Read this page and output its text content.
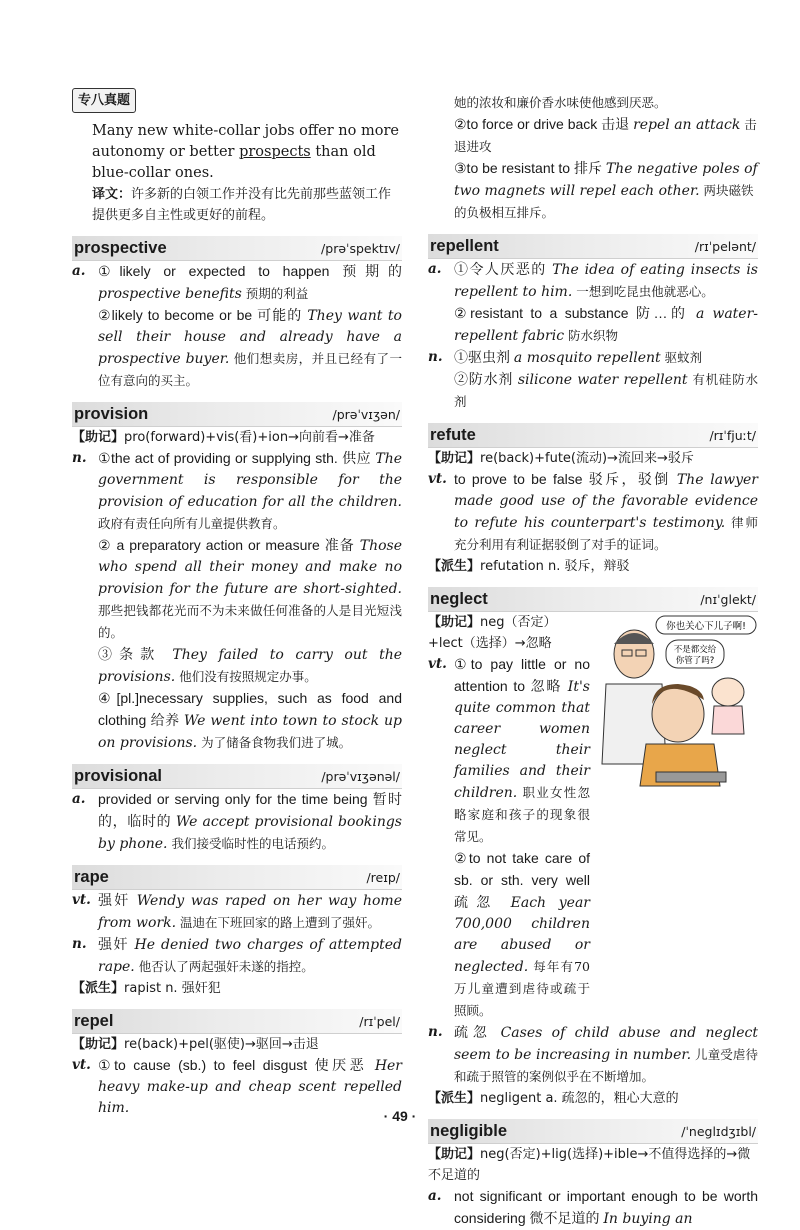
专八真题
Many new white-collar jobs offer no more autonomy or better prospects than old blue-collar ones.
译文：许多新的白领工作并没有比先前那些蓝领工作提供更多自主性或更好的前程。
prospective	/prəˈspektɪv/
a. ①likely or expected to happen 预期的 prospective benefits 预期的利益
②likely to become or be 可能的 They want to sell their house and already have a prospective buyer. 他们想卖房，并且已经有了一位有意向的买主。
provision	/prəˈvɪʒən/
【助记】pro(forward)+vis(看)+ion→向前看→准备
n. ①the act of providing or supplying sth. 供应 The government is responsible for the provision of education for all the children. 政府有责任向所有儿童提供教育。
② a preparatory action or measure 准备 Those who spend all their money and make no provision for the future are short-sighted. 那些把钱都花光而不为未来做任何准备的人是目光短浅的。
③条款 They failed to carry out the provisions. 他们没有按照规定办事。
④[pl.]necessary supplies, such as food and clothing 给养 We went into town to stock up on provisions. 为了储备食物我们进了城。
provisional	/prəˈvɪʒənəl/
a. provided or serving only for the time being 暂时的，临时的 We accept provisional bookings by phone. 我们接受临时性的电话预约。
rape	/reɪp/
vt. 强奸 Wendy was raped on her way home from work. 温迪在下班回家的路上遭到了强奸。
n. 强奸 He denied two charges of attempted rape. 他否认了两起强奸未遂的指控。
【派生】rapist n. 强奸犯
repel	/rɪˈpel/
【助记】re(back)+pel(驱使)→驱回→击退
vt. ①to cause (sb.) to feel disgust 使厌恶 Her heavy make-up and cheap scent repelled him.
她的浓妆和廉价香水味使他感到厌恶。
②to force or drive back 击退 repel an attack 击退进攻
③to be resistant to 排斥 The negative poles of two magnets will repel each other. 两块磁铁的负极相互排斥。
repellent	/rɪˈpelənt/
a. ①令人厌恶的 The idea of eating insects is repellent to him. 一想到吃昆虫他就恶心。
②resistant to a substance 防…的 a water-repellent fabric 防水织物
n. ①驱虫剂 a mosquito repellent 驱蚊剂
②防水剂 silicone water repellent 有机硅防水剂
refute	/rɪˈfjuːt/
【助记】re(back)+fute(流动)→流回来→驳斥
vt. to prove to be false 驳斥，驳倒 The lawyer made good use of the favorable evidence to refute his counterpart's testimony. 律师充分利用有利证据驳倒了对手的证词。
【派生】refutation n. 驳斥，辩驳
neglect	/nɪˈglekt/
你也关心下儿子啊!
不是都交给你管了吗?
【助记】neg（否定）+lect（选择）→忽略
vt. ①to pay little or no attention to 忽略 It's quite common that career women neglect their families and their children. 职业女性忽略家庭和孩子的现象很常见。
②to not take care of sb. or sth. very well 疏忽 Each year 700,000 children are abused or neglected. 每年有70万儿童遭到虐待或疏于照顾。
n. 疏忽 Cases of child abuse and neglect seem to be increasing in number. 儿童受虐待和疏于照管的案例似乎在不断增加。
【派生】negligent a. 疏忽的，粗心大意的
negligible	/ˈneglɪdʒɪbl/
【助记】neg(否定)+lig(选择)+ible→不值得选择的→微不足道的
a. not significant or important enough to be worth considering 微不足道的 In buying an
· 49 ·
